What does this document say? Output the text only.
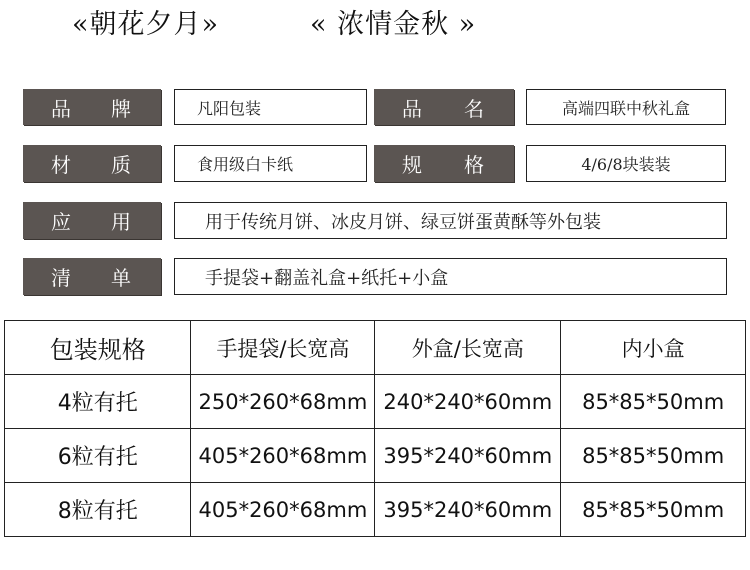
«朝花夕月»	« 浓情金秋 »
品 牌	凡阳包装	品 名	高端四联中秋礼盒
材 质	食用级白卡纸	规 格	4/6/8块装装
应 用	用于传统月饼、冰皮月饼、绿豆饼蛋黄酥等外包装
清 单	手提袋+翻盖礼盒+纸托+小盒
包装规格	手提袋/长宽高	外盒/长宽高	内小盒
4粒有托	250*260*68mm	240*240*60mm	85*85*50mm
6粒有托	405*260*68mm	395*240*60mm	85*85*50mm
8粒有托	405*260*68mm	395*240*60mm	85*85*50mm
